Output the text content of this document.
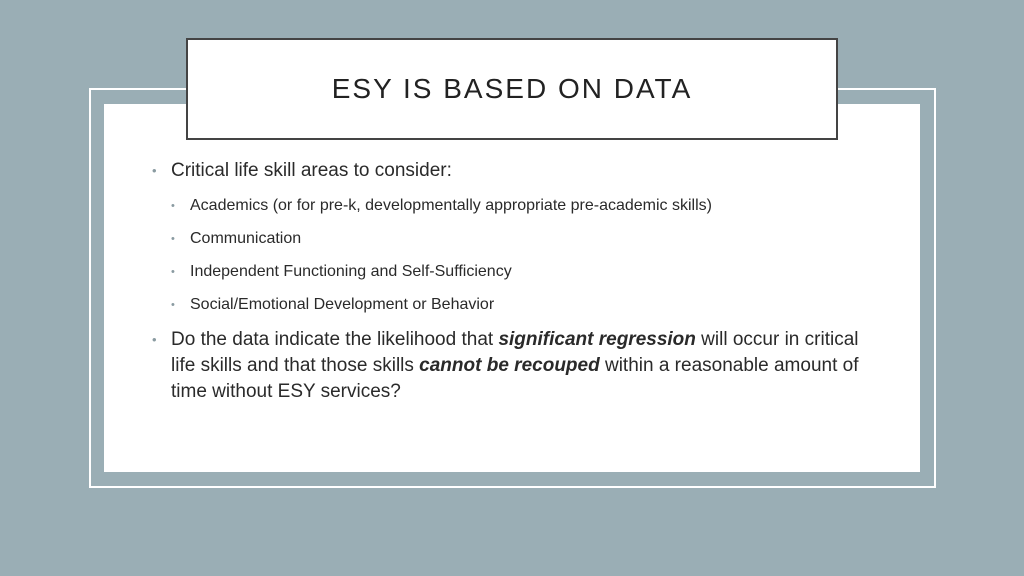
ESY IS BASED ON DATA
• Critical life skill areas to consider:
• Academics (or for pre-k, developmentally appropriate pre-academic skills)
• Communication
• Independent Functioning and Self-Sufficiency
• Social/Emotional Development or Behavior
• Do the data indicate the likelihood that significant regression will occur in critical life skills and that those skills cannot be recouped within a reasonable amount of time without ESY services?
